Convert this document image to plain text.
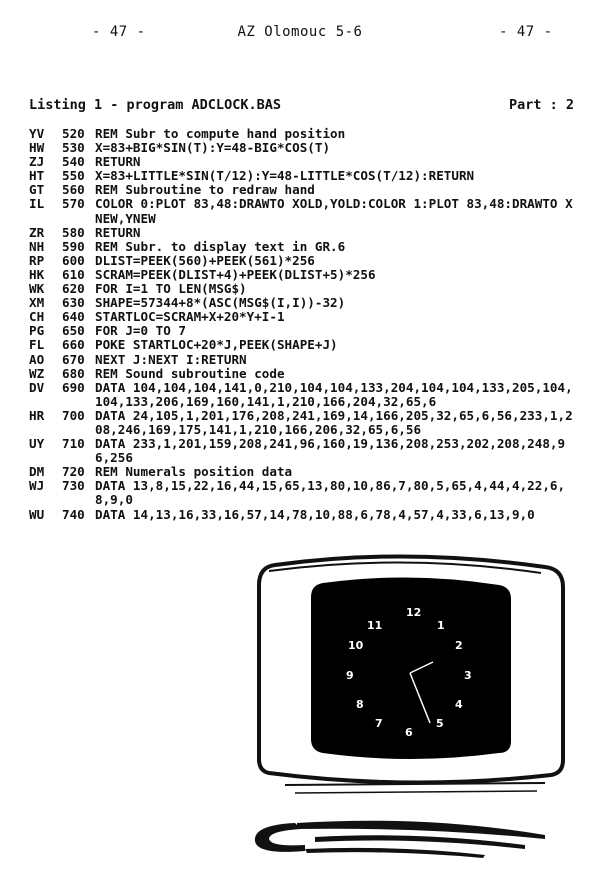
- 47 -	AZ Olomouc 5-6	- 47 -
Listing 1 - program ADCLOCK.BAS	Part : 2
YV	520 REM Subr to compute hand position
HW	530 X=83+BIG*SIN(T):Y=48-BIG*COS(T)
ZJ	540 RETURN
HT	550 X=83+LITTLE*SIN(T/12):Y=48-LITTLE*COS(T/12):RETURN
GT	560 REM Subroutine to redraw hand
IL	570 COLOR 0:PLOT 83,48:DRAWTO XOLD,YOLD:COLOR 1:PLOT 83,48:DRAWTO XNEW,YNEW
ZR	580 RETURN
NH	590 REM Subr. to display text in GR.6
RP	600 DLIST=PEEK(560)+PEEK(561)*256
HK	610 SCRAM=PEEK(DLIST+4)+PEEK(DLIST+5)*256
WK	620 FOR I=1 TO LEN(MSG$)
XM	630 SHAPE=57344+8*(ASC(MSG$(I,I))-32)
CH	640 STARTLOC=SCRAM+X+20*Y+I-1
PG	650 FOR J=0 TO 7
FL	660 POKE STARTLOC+20*J,PEEK(SHAPE+J)
AO	670 NEXT J:NEXT I:RETURN
WZ	680 REM Sound subroutine code
DV	690 DATA 104,104,104,141,0,210,104,104,133,204,104,104,133,205,104,104,133,206,169,160,141,1,210,166,204,32,65,6
HR	700 DATA 24,105,1,201,176,208,241,169,14,166,205,32,65,6,56,233,1,208,246,169,175,141,1,210,166,206,32,65,6,56
UY	710 DATA 233,1,201,159,208,241,96,160,19,136,208,253,202,208,248,96,256
DM	720 REM Numerals position data
WJ	730 DATA 13,8,15,22,16,44,15,65,13,80,10,86,7,80,5,65,4,44,4,22,6,8,9,0
WU	740 DATA 14,13,16,33,16,57,14,78,10,88,6,78,4,57,4,33,6,13,9,0
12
1
2
3
4
5
6
7
8
9
10
11
